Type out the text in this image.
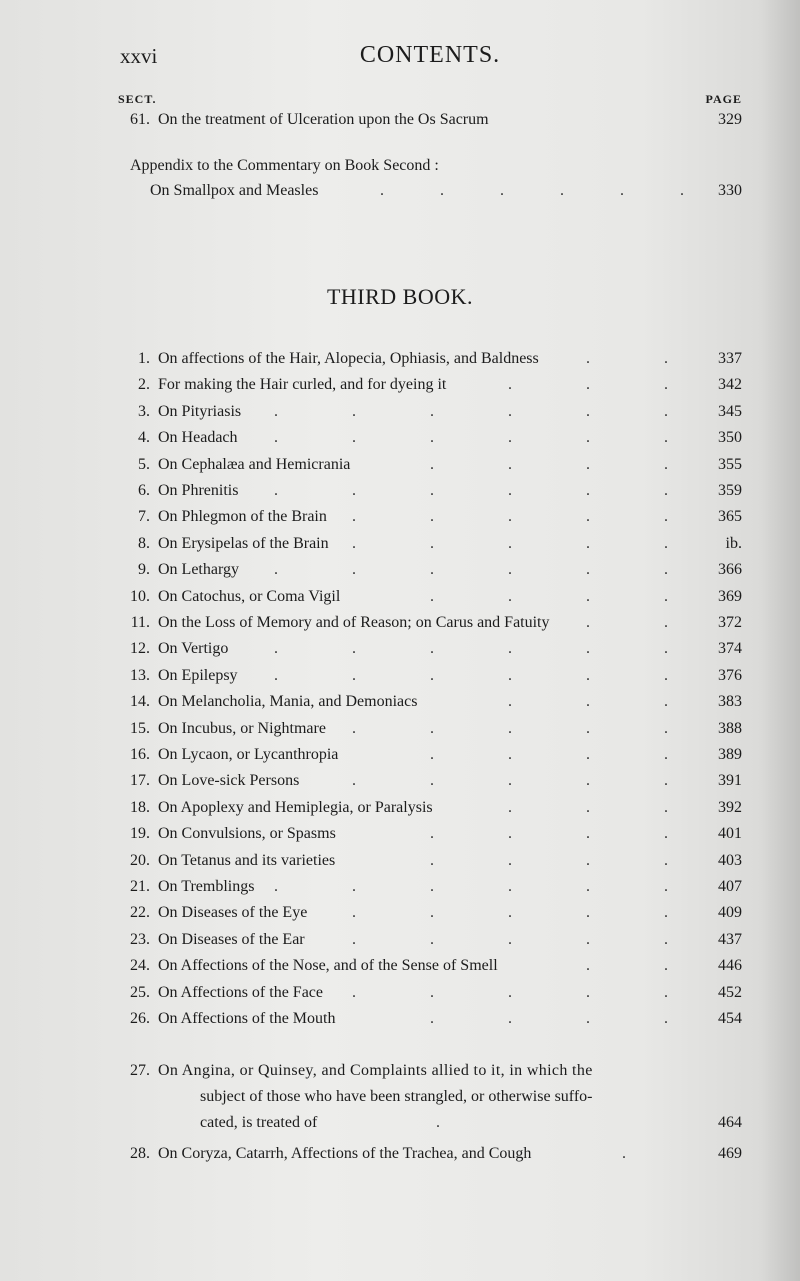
xxvi	CONTENTS.
SECT.	PAGE
61. On the treatment of Ulceration upon the Os Sacrum	329
Appendix to the Commentary on Book Second :
On Smallpox and Measles	. . . . . .	330
THIRD BOOK.
1. On affections of the Hair, Alopecia, Ophiasis, and Baldness	337
.	.
2. For making the Hair curled, and for dyeing it	342
.	.	.
3. On Pityriasis	345
.	.	.	.	.	.
4. On Headach	350
.	.	.	.	.	.
5. On Cephalæa and Hemicrania	355
.	.	.	.
6. On Phrenitis	359
.	.	.	.	.	.
7. On Phlegmon of the Brain	365
.	.	.	.	.
8. On Erysipelas of the Brain	ib.
.	.	.	.	.
9. On Lethargy	366
.	.	.	.	.	.
10. On Catochus, or Coma Vigil	369
.	.	.	.
11. On the Loss of Memory and of Reason; on Carus and Fatuity	372
.	.
12. On Vertigo	374
.	.	.	.	.	.
13. On Epilepsy	376
.	.	.	.	.	.
14. On Melancholia, Mania, and Demoniacs	383
.	.	.
15. On Incubus, or Nightmare	388
.	.	.	.	.
16. On Lycaon, or Lycanthropia	389
.	.	.	.
17. On Love-sick Persons	391
.	.	.	.	.
18. On Apoplexy and Hemiplegia, or Paralysis	392
.	.	.
19. On Convulsions, or Spasms	401
.	.	.	.
20. On Tetanus and its varieties	403
.	.	.	.
21. On Tremblings	407
.	.	.	.	.	.
22. On Diseases of the Eye	409
.	.	.	.	.
23. On Diseases of the Ear	437
.	.	.	.	.
24. On Affections of the Nose, and of the Sense of Smell	446
.	.
25. On Affections of the Face	452
.	.	.	.	.
26. On Affections of the Mouth	454
.	.	.	.
27. On Angina, or Quinsey, and Complaints allied to it, in which the
subject of those who have been strangled, or otherwise suffo-
cated, is treated of	.	464
28. On Coryza, Catarrh, Affections of the Trachea, and Cough	.	469
